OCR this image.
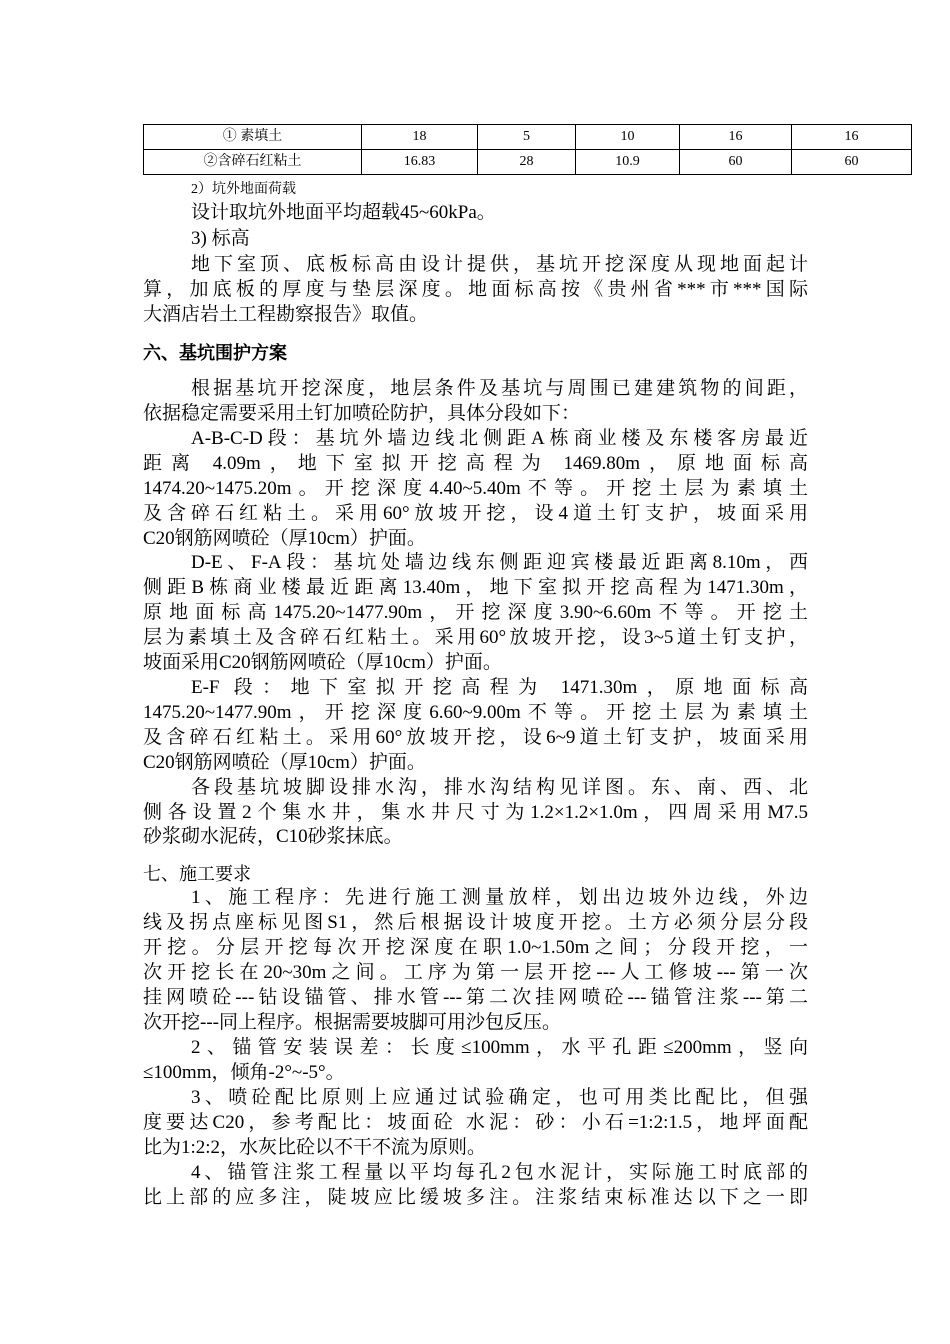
① 素填土	18	5	10	16	16
②含碎石红粘土	16.83	28	10.9	60	60
2）坑外地面荷载
设计取坑外地面平均超载45~60kPa。
3) 标高
地下室顶、底板标高由设计提供，基坑开挖深度从现地面起计
算，加底板的厚度与垫层深度。地面标高按《贵州省***市***国际
大酒店岩土工程勘察报告》取值。
六、基坑围护方案
根据基坑开挖深度，地层条件及基坑与周围已建建筑物的间距，
依据稳定需要采用土钉加喷砼防护，具体分段如下：
A-B-C-D段：基坑外墙边线北侧距A栋商业楼及东楼客房最近
距离 4.09m，地下室拟开挖高程为 1469.80m，原地面标高
1474.20~1475.20m。开挖深度4.40~5.40m不等。开挖土层为素填土
及含碎石红粘土。采用60°放坡开挖，设4道土钉支护，坡面采用
C20钢筋网喷砼（厚10cm）护面。
D-E、F-A段：基坑处墙边线东侧距迎宾楼最近距离8.10m，西
侧距B栋商业楼最近距离13.40m，地下室拟开挖高程为1471.30m，
原地面标高1475.20~1477.90m，开挖深度3.90~6.60m不等。开挖土
层为素填土及含碎石红粘土。采用60°放坡开挖，设3~5道土钉支护，
坡面采用C20钢筋网喷砼（厚10cm）护面。
E-F 段：地下室拟开挖高程为 1471.30m，原地面标高
1475.20~1477.90m，开挖深度6.60~9.00m不等。开挖土层为素填土
及含碎石红粘土。采用60°放坡开挖，设6~9道土钉支护，坡面采用
C20钢筋网喷砼（厚10cm）护面。
各段基坑坡脚设排水沟，排水沟结构见详图。东、南、西、北
侧各设置2个集水井，集水井尺寸为1.2×1.2×1.0m，四周采用M7.5
砂浆砌水泥砖，C10砂浆抹底。
七、施工要求
1、施工程序：先进行施工测量放样，划出边坡外边线，外边
线及拐点座标见图S1，然后根据设计坡度开挖。土方必须分层分段
开挖。分层开挖每次开挖深度在职1.0~1.50m之间；分段开挖，一
次开挖长在20~30m之间。工序为第一层开挖---人工修坡---第一次
挂网喷砼---钻设锚管、排水管---第二次挂网喷砼---锚管注浆---第二
次开挖---同上程序。根据需要坡脚可用沙包反压。
2、锚管安装误差：长度≤100mm，水平孔距≤200mm，竖向
≤100mm，倾角-2°~-5°。
3、喷砼配比原则上应通过试验确定，也可用类比配比，但强
度要达C20，参考配比：坡面砼 水泥：砂：小石=1:2:1.5，地坪面配
比为1:2:2，水灰比砼以不干不流为原则。
4、锚管注浆工程量以平均每孔2包水泥计，实际施工时底部的
比上部的应多注，陡坡应比缓坡多注。注浆结束标准达以下之一即
